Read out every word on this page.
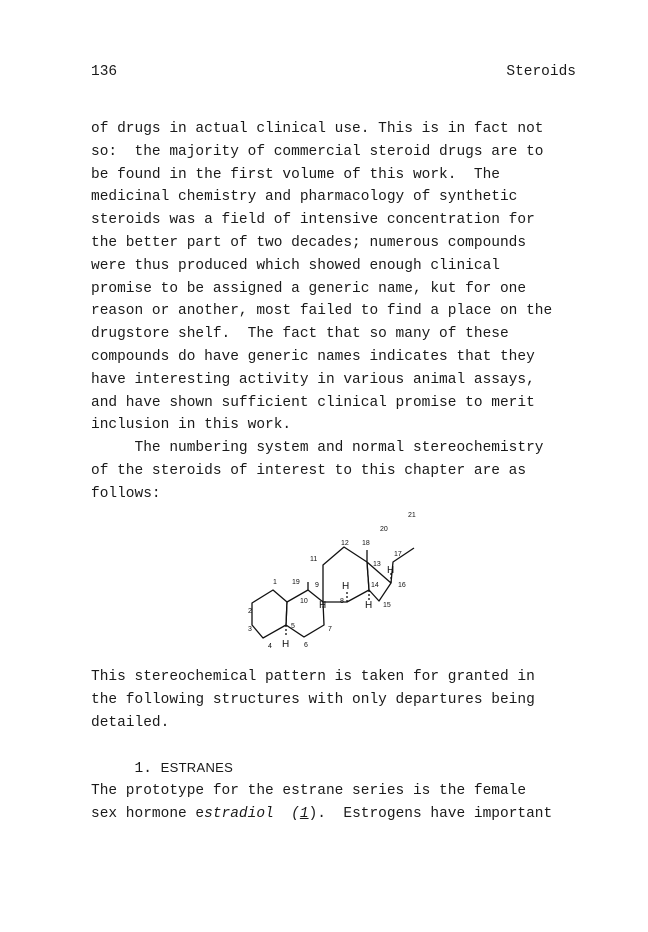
136	Steroids
of drugs in actual clinical use. This is in fact not
so:  the majority of commercial steroid drugs are to
be found in the first volume of this work.  The
medicinal chemistry and pharmacology of synthetic
steroids was a field of intensive concentration for
the better part of two decades; numerous compounds
were thus produced which showed enough clinical
promise to be assigned a generic name, kut for one
reason or another, most failed to find a place on the
drugstore shelf.  The fact that so many of these
compounds do have generic names indicates that they
have interesting activity in various animal assays,
and have shown sufficient clinical promise to merit
inclusion in this work.
The numbering system and normal stereochemistry
of the steroids of interest to this chapter are as
follows:
1
2
3
4
5
6
7
8
9
10
11
12
13
14
15
16
17
18
19
20
21
H
H
H
H
H
This stereochemical pattern is taken for granted in
the following structures with only departures being
detailed.
1. ESTRANES
The prototype for the estrane series is the female
sex hormone estradiol (1).  Estrogens have important
